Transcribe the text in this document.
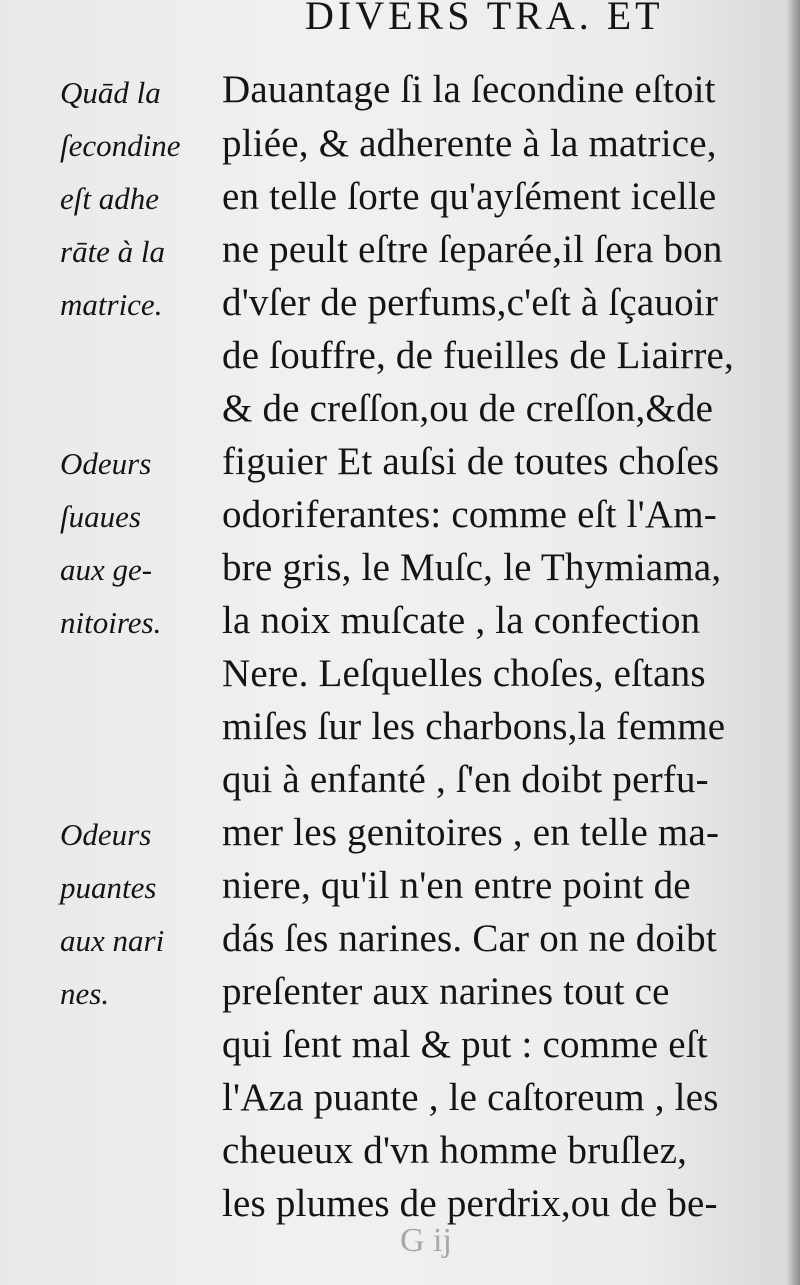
DIVERS TRA. ET
Dauantage ſi la ſecondine eſtoit
pliée, & adherente à la matrice,
en telle ſorte qu'ayſément icelle
ne peult eſtre ſeparée,il ſera bon
d'vſer de perfums,c'eſt à ſçauoir
de ſouffre, de fueilles de Liairre,
& de creſſon,ou de creſſon,&de
figuier Et auſsi de toutes choſes
odoriferantes: comme eſt l'Am-
bre gris, le Muſc, le Thymiama,
la noix muſcate , la confection
Nere. Leſquelles choſes, eſtans
miſes ſur les charbons,la femme
qui à enfanté , ſ'en doibt perfu-
mer les genitoires , en telle ma-
niere, qu'il n'en entre point de
dás ſes narines. Car on ne doibt
preſenter aux narines tout ce
qui ſent mal & put : comme eſt
l'Aza puante , le caſtoreum , les
cheueux d'vn homme bruſlez,
les plumes de perdrix,ou de be-
Quād la
ſecondine
eſt adhe
rāte à la
matrice.
Odeurs
ſuaues
aux ge-
nitoires.
Odeurs
puantes
aux nari
nes.
G ij
